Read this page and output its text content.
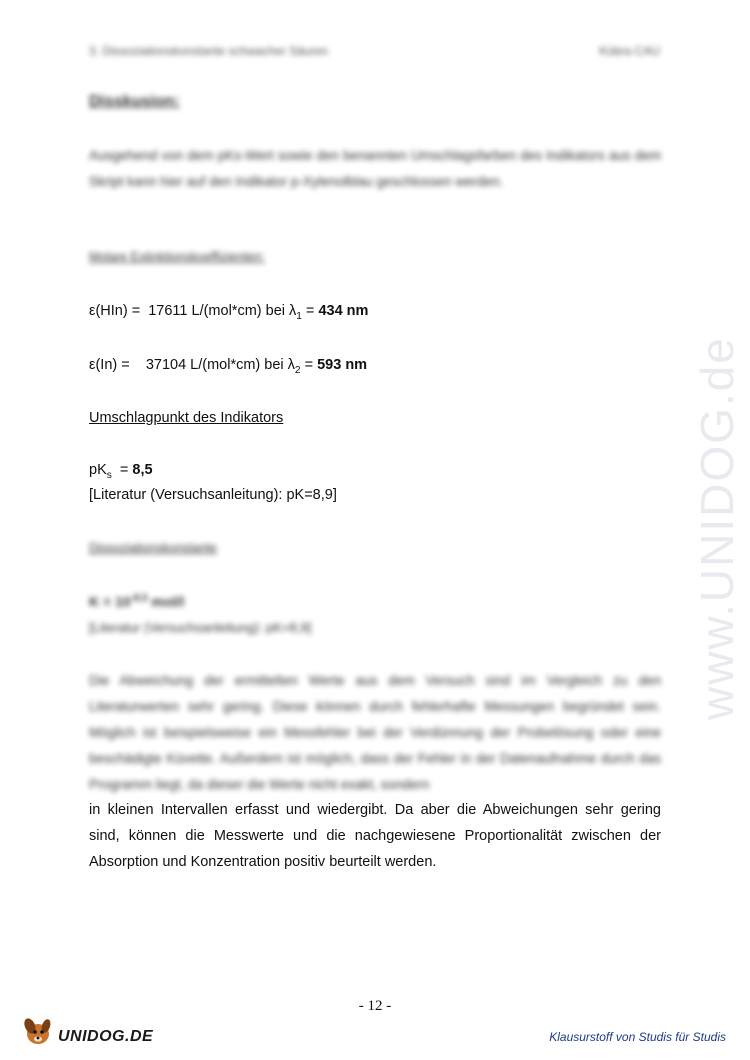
www.UNIDOG.de
3. Dissoziationskonstante schwacher Säuren	Kübra CAU
Disskusion:
Ausgehend von dem pKs-Wert sowie den benannten Umschlagsfarben des Indikators aus dem Skript kann hier auf den Indikator p-Xylenolblau geschlossen werden.
Molare Extinktionskoeffizienten:
ε(HIn) =  17611 L/(mol*cm) bei $\lambda_1 = 434$ nm
ε(In) =    37104 L/(mol*cm) bei $\lambda_2 = 593$ nm
Umschlagpunkt des Indikators
$pK_s = 8,5$
[Literatur (Versuchsanleitung): pK=8,9]
Dissoziationskonstante
$K = 10^{-8,5}$ mol/l
[Literatur (Versuchsanleitung): pK=8,9]
Die Abweichung der ermittelten Werte aus dem Versuch sind im Vergleich zu den Literaturwerten sehr gering. Diese können durch fehlerhafte Messungen begründet sein. Möglich ist beispielsweise ein Messfehler bei der Verdünnung der Probelösung oder eine beschädigte Küvette. Außerdem ist möglich, dass der Fehler in der Datenaufnahme durch das Programm liegt, da dieser die Werte nicht exakt, sondern
in kleinen Intervallen erfasst und wiedergibt. Da aber die Abweichungen sehr gering
sind, können die Messwerte und die nachgewiesene Proportionalität zwischen der
Absorption und Konzentration positiv beurteilt werden.
- 12 -
UNIDOG.DE	Klausurstoff von Studis für Studis
